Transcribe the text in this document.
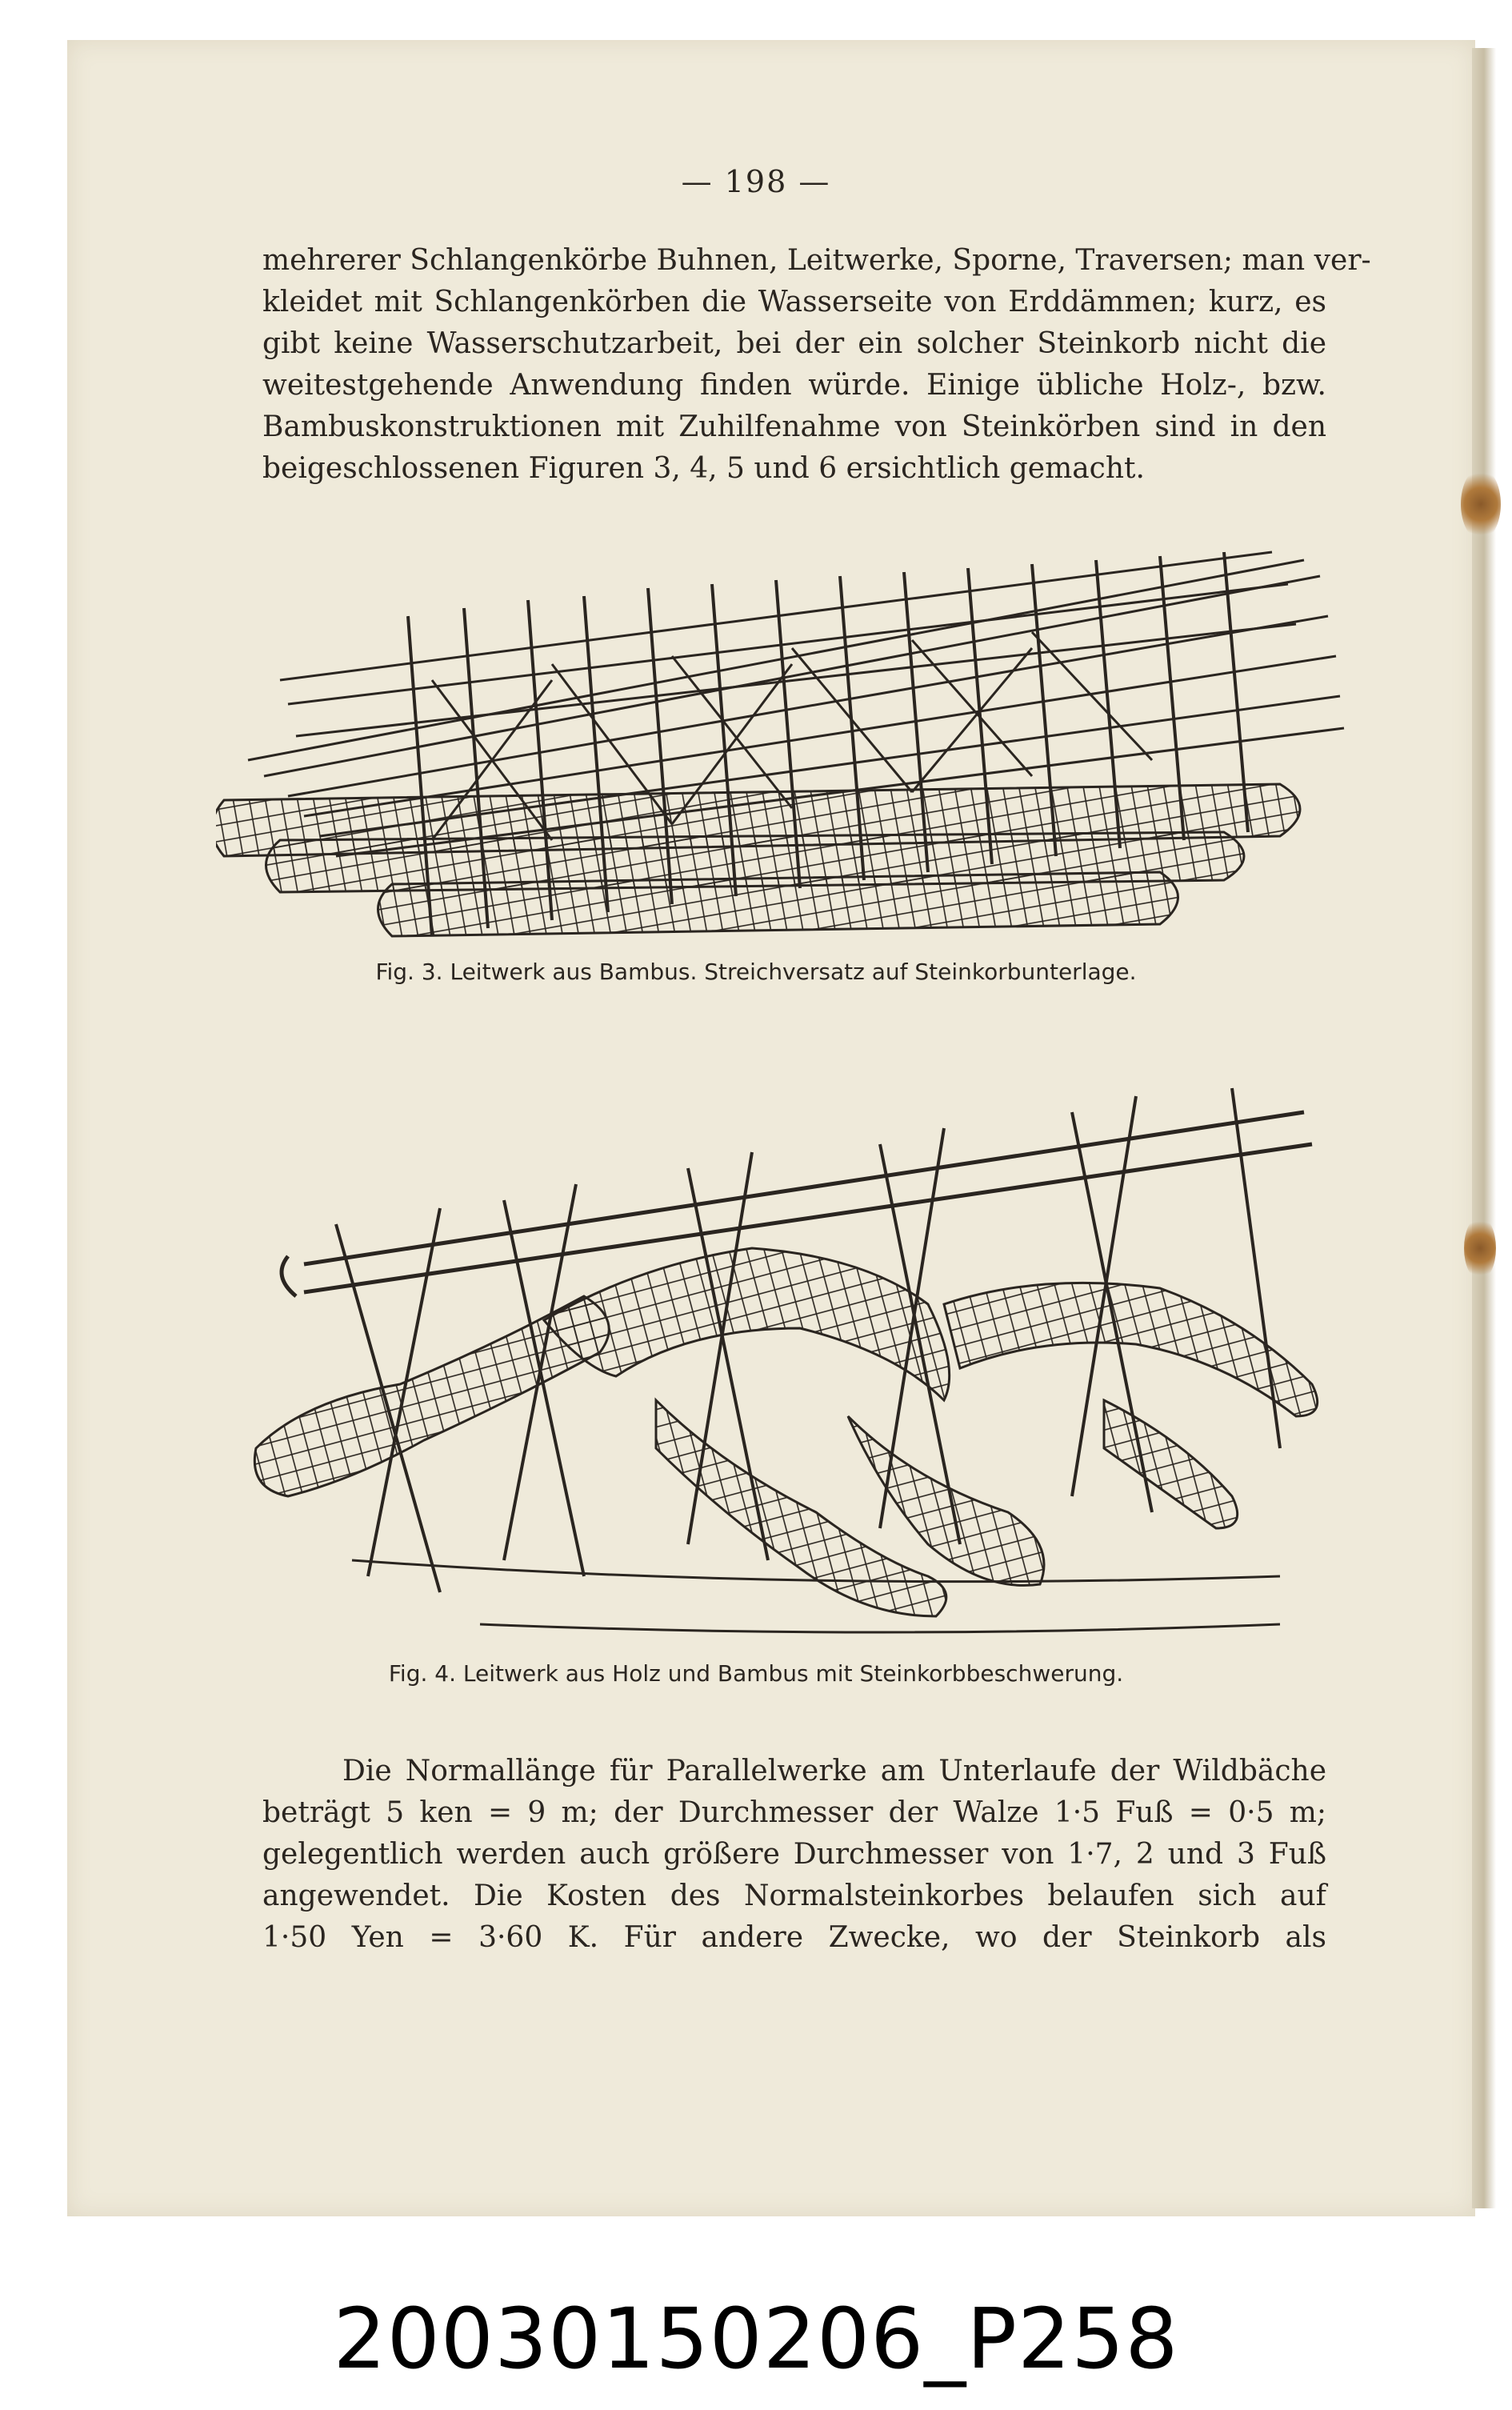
— 198 —
mehrerer Schlangenkörbe Buhnen, Leitwerke, Sporne, Traversen; man ver-
kleidet mit Schlangenkörben die Wasserseite von Erddämmen; kurz, es
gibt keine Wasserschutzarbeit, bei der ein solcher Steinkorb nicht die
weitestgehende Anwendung finden würde. Einige übliche Holz-, bzw.
Bambuskonstruktionen mit Zuhilfenahme von Steinkörben sind in den
beigeschlossenen Figuren 3, 4, 5 und 6 ersichtlich gemacht.
Fig. 3. Leitwerk aus Bambus. Streichversatz auf Steinkorbunterlage.
Fig. 4. Leitwerk aus Holz und Bambus mit Steinkorbbeschwerung.
Die Normallänge für Parallelwerke am Unterlaufe der Wildbäche
beträgt 5 ken = 9 m; der Durchmesser der Walze 1·5 Fuß = 0·5 m;
gelegentlich werden auch größere Durchmesser von 1·7, 2 und 3 Fuß
angewendet. Die Kosten des Normalsteinkorbes belaufen sich auf
1·50 Yen = 3·60 K. Für andere Zwecke, wo der Steinkorb als
20030150206_P258
